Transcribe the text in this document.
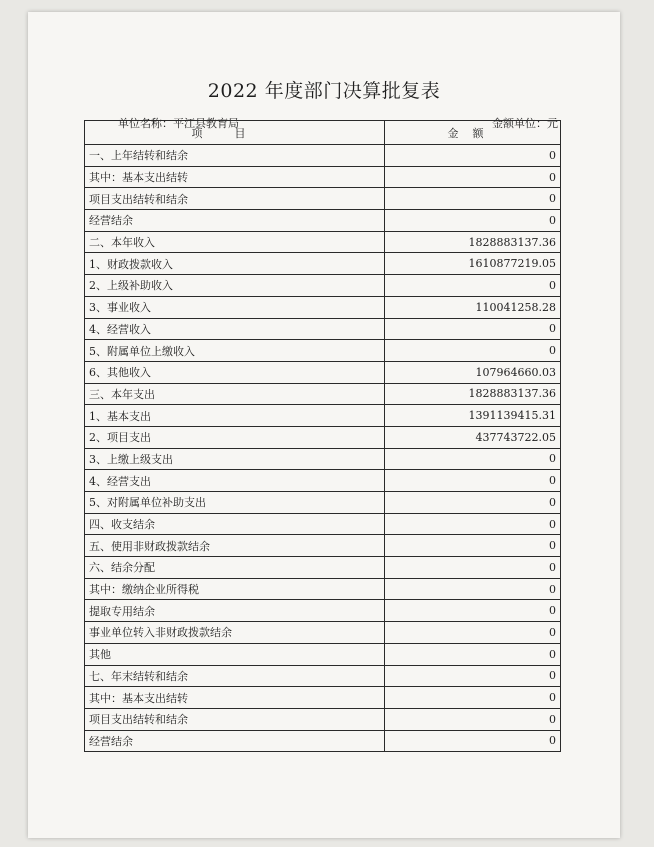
2022 年度部门决算批复表
单位名称：平江县教育局	金额单位：元
项目	金额
一、上年结转和结余	0
其中：基本支出结转	0
项目支出结转和结余	0
经营结余	0
二、本年收入	1828883137.36
1、财政拨款收入	1610877219.05
2、上级补助收入	0
3、事业收入	110041258.28
4、经营收入	0
5、附属单位上缴收入	0
6、其他收入	107964660.03
三、本年支出	1828883137.36
1、基本支出	1391139415.31
2、项目支出	437743722.05
3、上缴上级支出	0
4、经营支出	0
5、对附属单位补助支出	0
四、收支结余	0
五、使用非财政拨款结余	0
六、结余分配	0
其中：缴纳企业所得税	0
提取专用结余	0
事业单位转入非财政拨款结余	0
其他	0
七、年末结转和结余	0
其中：基本支出结转	0
项目支出结转和结余	0
经营结余	0
